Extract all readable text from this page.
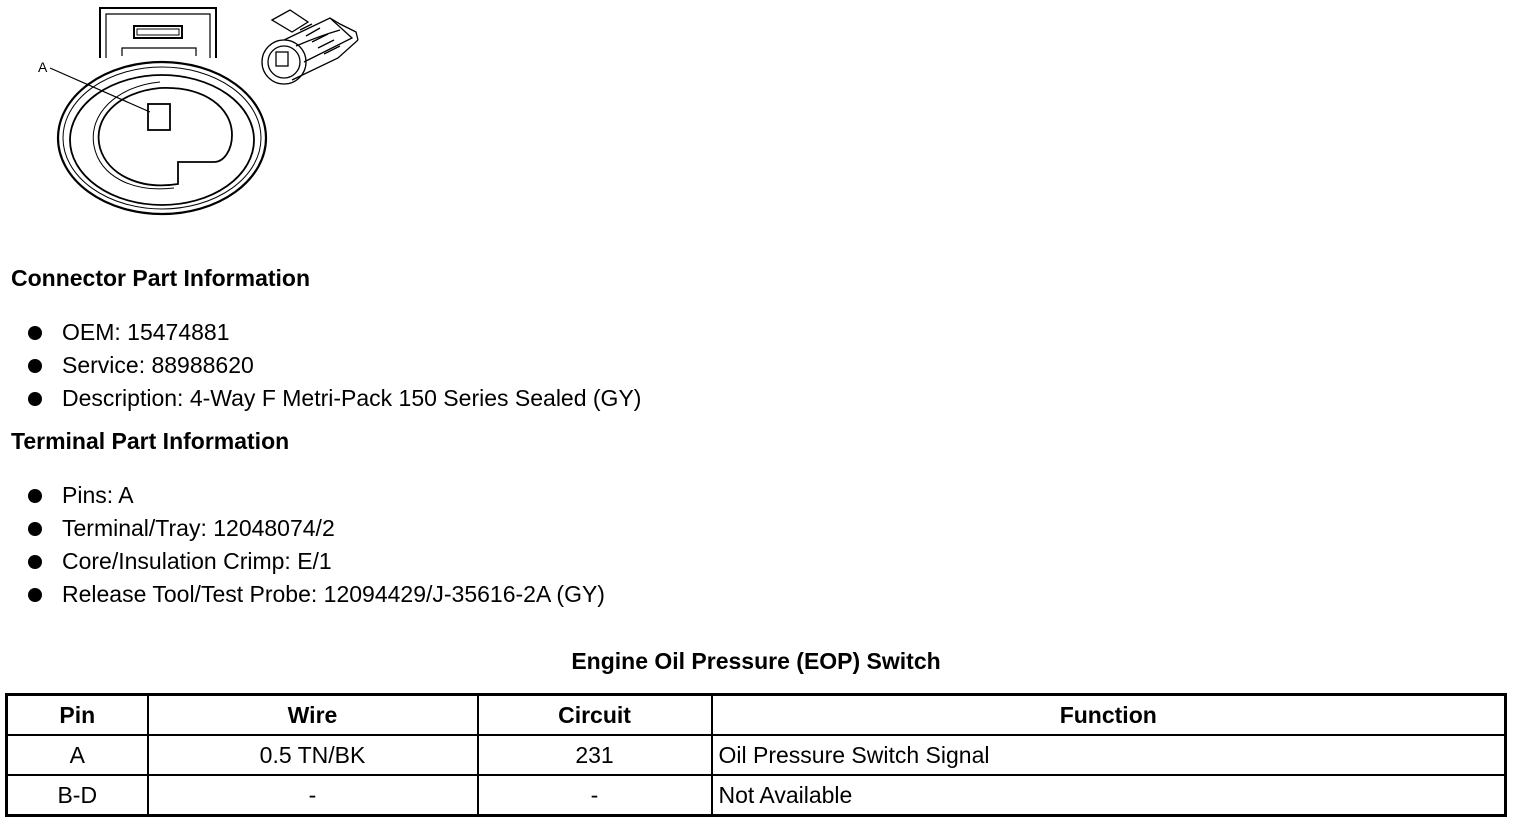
A
Connector Part Information
OEM: 15474881
Service: 88988620
Description: 4-Way F Metri-Pack 150 Series Sealed (GY)
Terminal Part Information
Pins: A
Terminal/Tray: 12048074/2
Core/Insulation Crimp: E/1
Release Tool/Test Probe: 12094429/J-35616-2A (GY)
Engine Oil Pressure (EOP) Switch
Pin	Wire	Circuit	Function
A	0.5 TN/BK	231	Oil Pressure Switch Signal
B-D	-	-	Not Available
